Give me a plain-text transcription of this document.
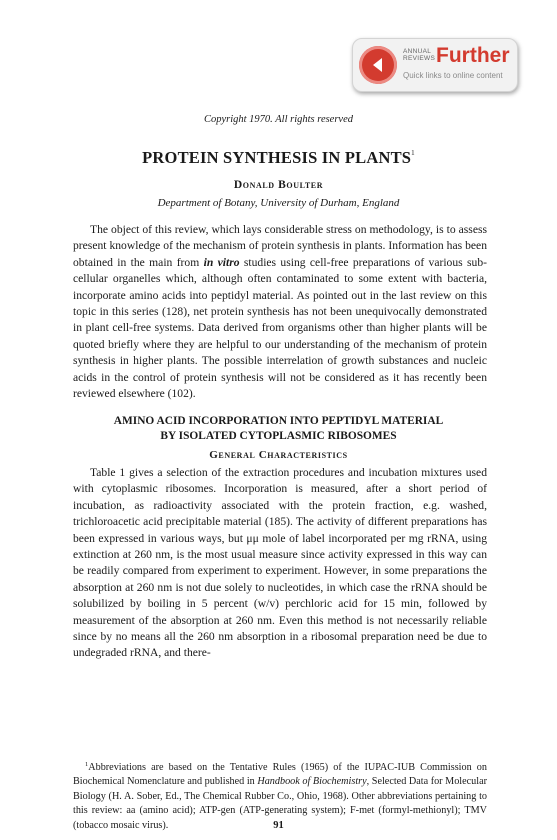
ANNUAL
REVIEWS Further
Quick links to online content
Copyright 1970. All rights reserved
PROTEIN SYNTHESIS IN PLANTS$^1$
Donald Boulter
Department of Botany, University of Durham, England

The object of this review, which lays considerable stress on methodology, is to assess present knowledge of the mechanism of protein synthesis in plants. Information has been obtained in the main from in vitro studies using cell-free preparations of various sub-cellular organelles which, although often contaminated to some extent with bacteria, incorporate amino acids into peptidyl material. As pointed out in the last review on this topic in this series (128), net protein synthesis has not been unequivocally demonstrated in plant cell-free systems. Data derived from organisms other than higher plants will be quoted briefly where they are helpful to our understanding of the mechanism of protein synthesis in higher plants. The possible interrelation of growth substances and nucleic acids in the control of protein synthesis will not be considered as it has recently been reviewed elsewhere (102).

AMINO ACID INCORPORATION INTO PEPTIDYL MATERIAL
BY ISOLATED CYTOPLASMIC RIBOSOMES
General Characteristics

Table 1 gives a selection of the extraction procedures and incubation mixtures used with cytoplasmic ribosomes. Incorporation is measured, after a short period of incubation, as radioactivity associated with the protein fraction, e.g. washed, trichloroacetic acid precipitable material (185). The activity of different preparations has been expressed in various ways, but μμ mole of label incorporated per mg rRNA, using extinction at 260 nm, is the most usual measure since activity expressed in this way can be readily compared from experiment to experiment. However, in some preparations the absorption at 260 nm is not due solely to nucleotides, in which case the rRNA should be solubilized by boiling in 5 percent (w/v) perchloric acid for 15 min, followed by measurement of the absorption at 260 nm. Even this method is not necessarily reliable since by no means all the 260 nm absorption in a ribosomal preparation need be due to undegraded rRNA, and there-

$^1$Abbreviations are based on the Tentative Rules (1965) of the IUPAC-IUB Commission on Biochemical Nomenclature and published in Handbook of Biochemistry, Selected Data for Molecular Biology (H. A. Sober, Ed., The Chemical Rubber Co., Ohio, 1968). Other abbreviations pertaining to this review: aa (amino acid); ATP-gen (ATP-generating system); F-met (formyl-methionyl); TMV (tobacco mosaic virus).	91
